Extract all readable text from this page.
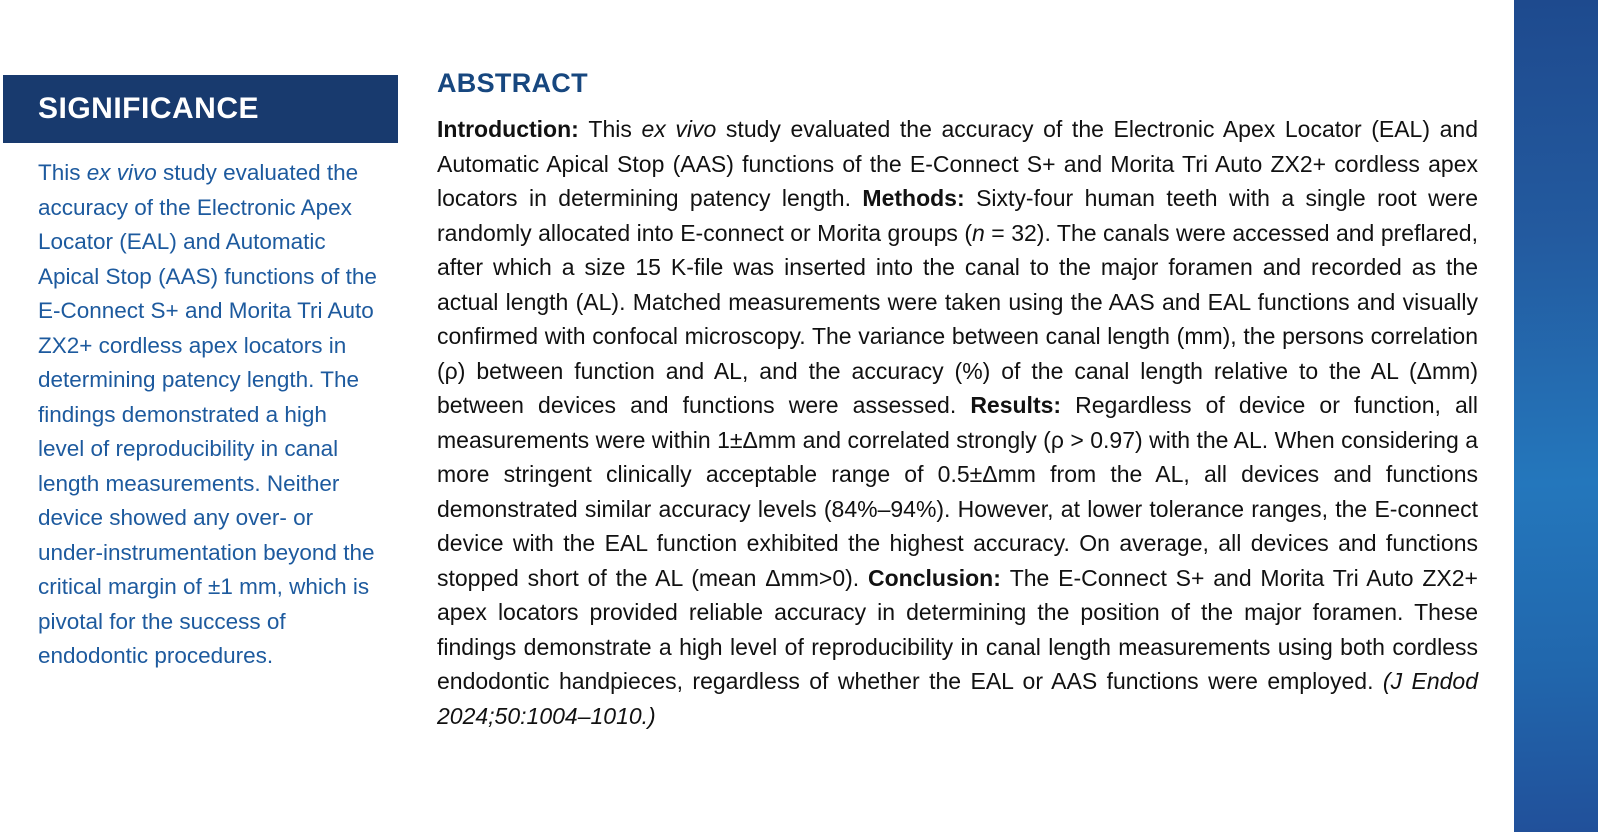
SIGNIFICANCE
This ex vivo study evaluated the accuracy of the Electronic Apex Locator (EAL) and Automatic Apical Stop (AAS) functions of the E-Connect S+ and Morita Tri Auto ZX2+ cordless apex locators in determining patency length. The findings demonstrated a high level of reproducibility in canal length measurements. Neither device showed any over- or under-instrumentation beyond the critical margin of ±1 mm, which is pivotal for the success of endodontic procedures.
ABSTRACT
Introduction: This ex vivo study evaluated the accuracy of the Electronic Apex Locator (EAL) and Automatic Apical Stop (AAS) functions of the E-Connect S+ and Morita Tri Auto ZX2+ cordless apex locators in determining patency length. Methods: Sixty-four human teeth with a single root were randomly allocated into E-connect or Morita groups (n = 32). The canals were accessed and preflared, after which a size 15 K-file was inserted into the canal to the major foramen and recorded as the actual length (AL). Matched measurements were taken using the AAS and EAL functions and visually confirmed with confocal microscopy. The variance between canal length (mm), the persons correlation (ρ) between function and AL, and the accuracy (%) of the canal length relative to the AL (Δmm) between devices and functions were assessed. Results: Regardless of device or function, all measurements were within 1±Δmm and correlated strongly (ρ > 0.97) with the AL. When considering a more stringent clinically acceptable range of 0.5±Δmm from the AL, all devices and functions demonstrated similar accuracy levels (84%–94%). However, at lower tolerance ranges, the E-connect device with the EAL function exhibited the highest accuracy. On average, all devices and functions stopped short of the AL (mean Δmm>0). Conclusion: The E-Connect S+ and Morita Tri Auto ZX2+ apex locators provided reliable accuracy in determining the position of the major foramen. These findings demonstrate a high level of reproducibility in canal length measurements using both cordless endodontic handpieces, regardless of whether the EAL or AAS functions were employed. (J Endod 2024;50:1004–1010.)
